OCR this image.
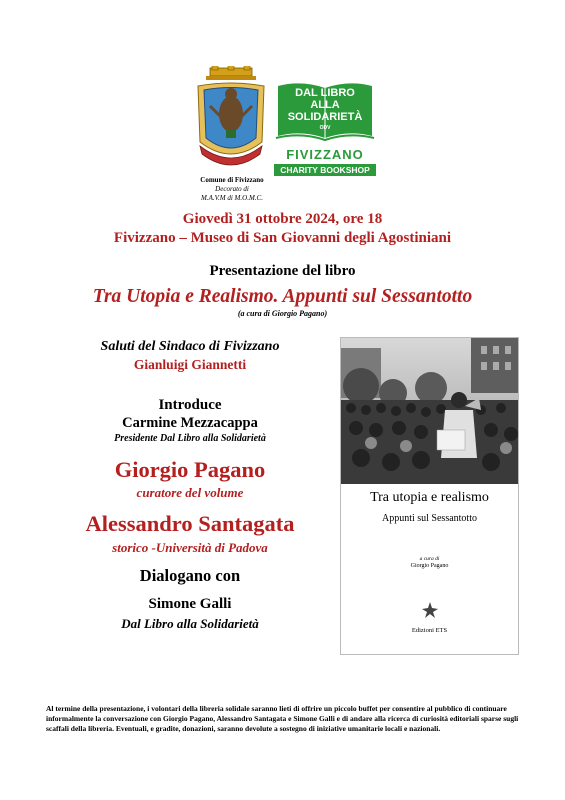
Comune di Fivizzano
Decorato di
M.A.V.M di M.O.M.C.
DAL LIBRO
ALLA
SOLIDARIETÀ
ODV
FIVIZZANO
CHARITY BOOKSHOP
Giovedì 31 ottobre 2024, ore 18
Fivizzano – Museo di San Giovanni degli Agostiniani
Presentazione del libro
Tra Utopia e Realismo. Appunti sul Sessantotto
(a cura di Giorgio Pagano)
Saluti del Sindaco di Fivizzano
Gianluigi Giannetti
Introduce
Carmine Mezzacappa
Presidente Dal Libro alla Solidarietà
Giorgio Pagano
curatore del volume
Alessandro Santagata
storico -Università di Padova
Dialogano con
Simone Galli
Dal Libro alla Solidarietà
Tra utopia e realismo
Appunti sul Sessantotto
a cura di
Giorgio Pagano
Edizioni ETS
Al termine della presentazione, i volontari della libreria solidale saranno lieti di offrire un piccolo buffet per consentire al pubblico di continuare informalmente la conversazione con Giorgio Pagano, Alessandro Santagata e Simone Galli e di andare alla ricerca di curiosità editoriali sparse sugli scaffali della libreria. Eventuali, e gradite, donazioni, saranno devolute a sostegno di iniziative umanitarie locali e nazionali.
